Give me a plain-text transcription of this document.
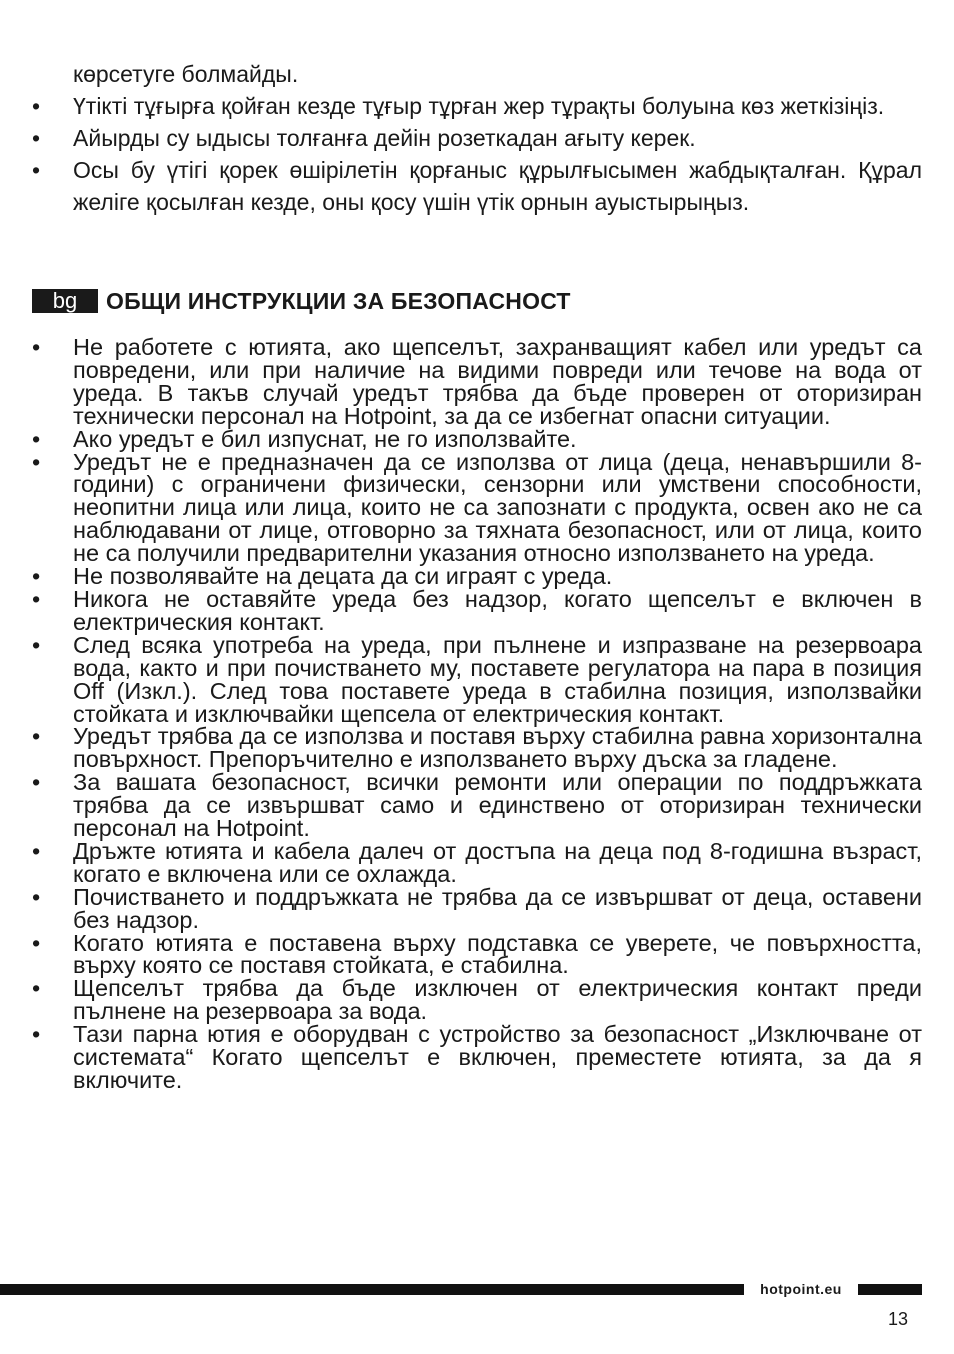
көрсетуге болмайды.
• Үтікті тұғырға қойған кезде тұғыр тұрған жер тұрақты болуына көз жеткізіңіз.
• Айырды су ыдысы толғанға дейін розеткадан ағыту керек.
• Осы бу үтігі қорек өшірілетін қорғаныс құрылғысымен жабдықталған. Құрал желіге қосылған кезде, оны қосу үшін үтік орнын ауыстырыңыз.
bg	ОБЩИ ИНСТРУКЦИИ ЗА БЕЗОПАСНОСТ
• Не работете с ютията, ако щепселът, захранващият кабел или уредът са повредени, или при наличие на видими повреди или течове на вода от уреда. В такъв случай уредът трябва да бъде проверен от оторизиран технически персонал на Hotpoint, за да се избегнат опасни ситуации.
• Ако уредът е бил изпуснат, не го използвайте.
• Уредът не е предназначен да се използва от лица (деца, ненавършили 8-години) с ограничени физически, сензорни или умствени способности, неопитни лица или лица, които не са запознати с продукта, освен ако не са наблюдавани от лице, отговорно за тяхната безопасност, или от лица, които не са получили предварителни указания относно използването на уреда.
• Не позволявайте на децата да си играят с уреда.
• Никога не оставяйте уреда без надзор, когато щепселът е включен в електрическия контакт.
• След всяка употреба на уреда, при пълнене и изпразване на резервоара вода, както и при почистването му, поставете регулатора на пара в позиция Off (Изкл.). След това поставете уреда в стабилна позиция, използвайки стойката и изключвайки щепсела от електрическия контакт.
• Уредът трябва да се използва и поставя върху стабилна равна хоризонтална повърхност. Препоръчително е използването върху дъска за гладене.
• За вашата безопасност, всички ремонти или операции по поддръжката трябва да се извършват само и единствено от оторизиран технически персонал на Hotpoint.
• Дръжте ютията и кабела далеч от достъпа на деца под 8-годишна възраст, когато е включена или се охлажда.
• Почистването и поддръжката не трябва да се извършват от деца, оставени без надзор.
• Когато ютията е поставена върху подставка се уверете, че повърхността, върху която се поставя стойката, е стабилна.
• Щепселът трябва да бъде изключен от електрическия контакт преди пълнене на резервоара за вода.
• Тази парна ютия е оборудван с устройство за безопасност „Изключване от системата“ Когато щепселът е включен, преместете ютията, за да я включите.
hotpoint.eu
13
